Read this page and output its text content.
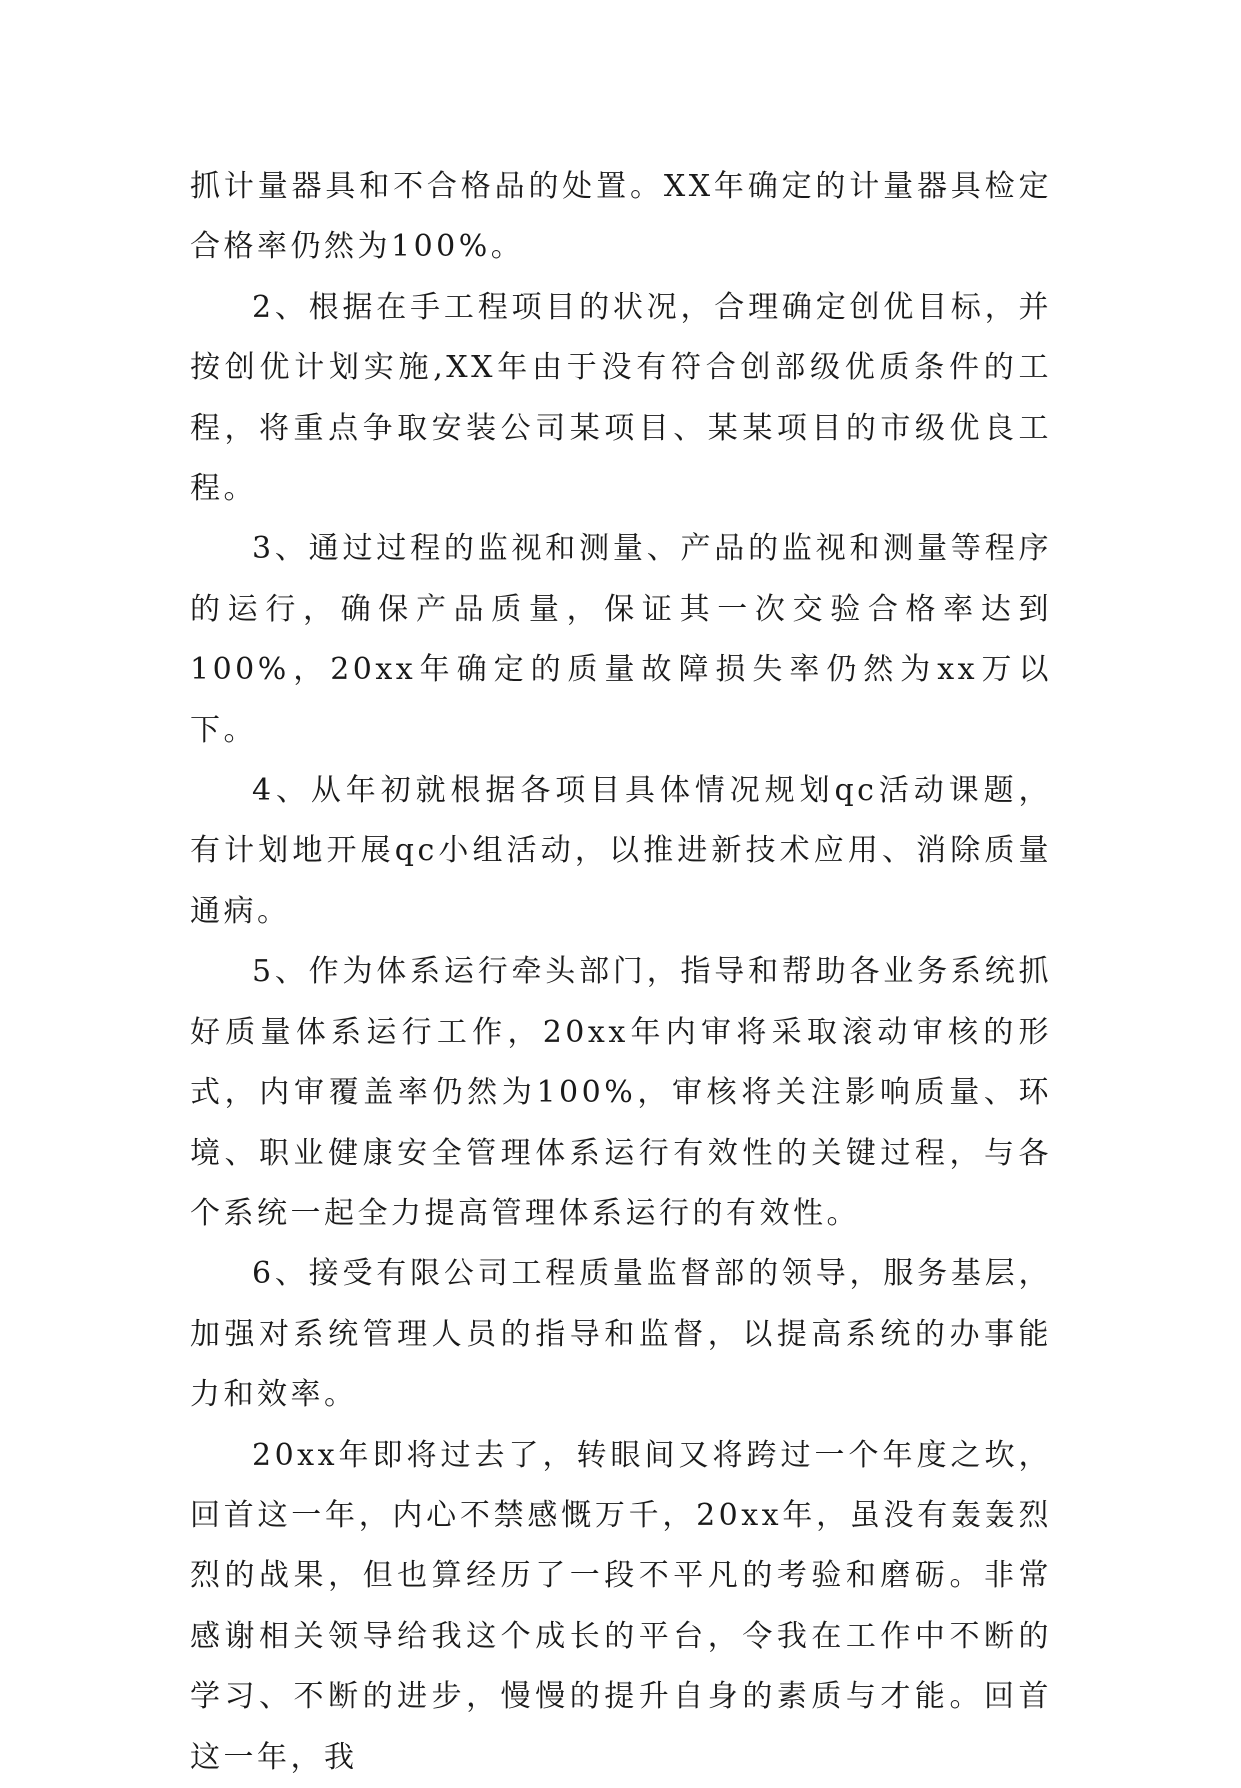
抓计量器具和不合格品的处置。XX年确定的计量器具检定合格率仍然为100%。

2、根据在手工程项目的状况，合理确定创优目标，并按创优计划实施,XX年由于没有符合创部级优质条件的工程，将重点争取安装公司某项目、某某项目的市级优良工程。

3、通过过程的监视和测量、产品的监视和测量等程序的运行，确保产品质量，保证其一次交验合格率达到100%，20xx年确定的质量故障损失率仍然为xx万以下。

4、从年初就根据各项目具体情况规划qc活动课题，有计划地开展qc小组活动，以推进新技术应用、消除质量通病。

5、作为体系运行牵头部门，指导和帮助各业务系统抓好质量体系运行工作，20xx年内审将采取滚动审核的形式，内审覆盖率仍然为100%，审核将关注影响质量、环境、职业健康安全管理体系运行有效性的关键过程，与各个系统一起全力提高管理体系运行的有效性。

6、接受有限公司工程质量监督部的领导，服务基层，加强对系统管理人员的指导和监督，以提高系统的办事能力和效率。

20xx年即将过去了，转眼间又将跨过一个年度之坎，回首这一年，内心不禁感慨万千，20xx年，虽没有轰轰烈烈的战果，但也算经历了一段不平凡的考验和磨砺。非常感谢相关领导给我这个成长的平台，令我在工作中不断的学习、不断的进步，慢慢的提升自身的素质与才能。回首这一年，我
